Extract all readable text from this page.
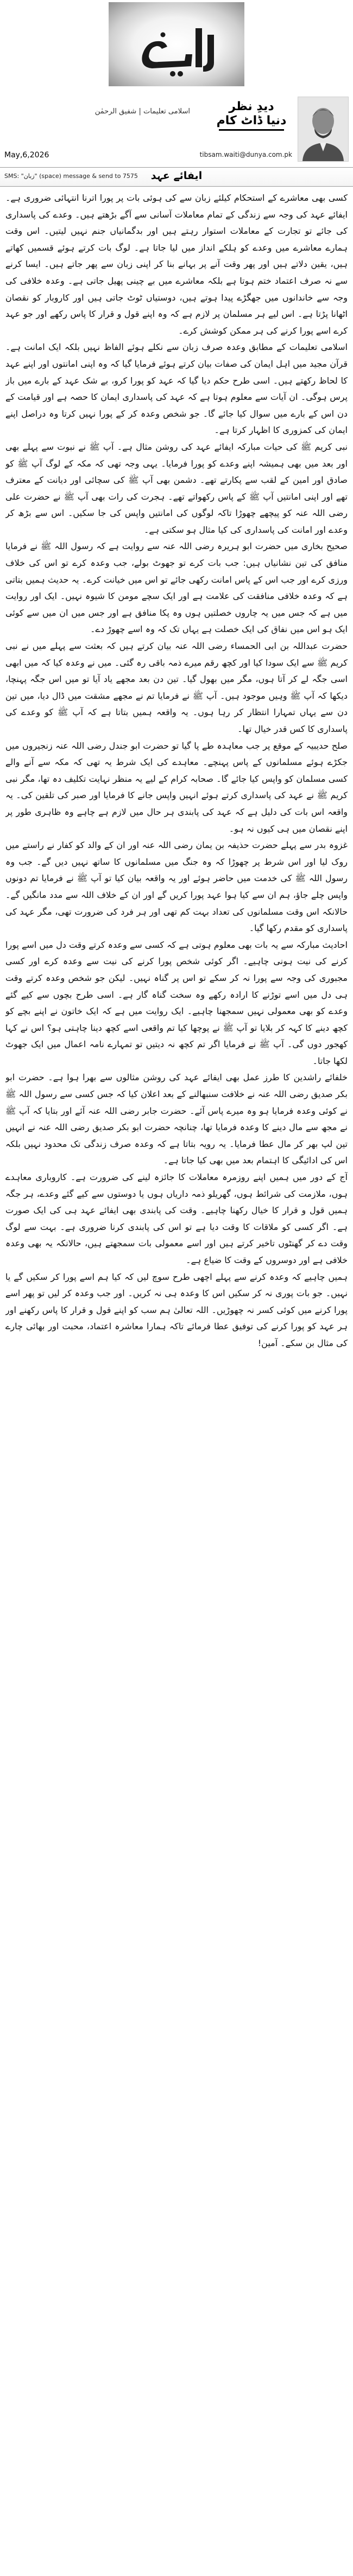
دیدِ نظر
دنیا ڈاٹ کام
اسلامی تعلیمات | شفیق الرحمٰن
tibsam.waiti@dunya.com.pk
May,6,2026
ایفائے عہد
SMS: "زبان" (space) message & send to 7575

کسی بھی معاشرے کے استحکام کیلئے زبان سے کی ہوئی بات پر پورا اترنا انتہائی ضروری ہے۔ ایفائے عہد کی وجہ سے زندگی کے تمام معاملات آسانی سے آگے بڑھتے ہیں۔ وعدے کی پاسداری کی جائے تو تجارت کے معاملات استوار رہتے ہیں اور بدگمانیاں جنم نہیں لیتیں۔ اس وقت ہمارے معاشرے میں وعدے کو ہلکے انداز میں لیا جاتا ہے۔ لوگ بات کرتے ہوئے قسمیں کھاتے ہیں، یقین دلاتے ہیں اور پھر وقت آنے پر بہانے بنا کر اپنی زبان سے پھر جاتے ہیں۔ ایسا کرنے سے نہ صرف اعتماد ختم ہوتا ہے بلکہ معاشرے میں بے چینی پھیل جاتی ہے۔ وعدہ خلافی کی وجہ سے خاندانوں میں جھگڑے پیدا ہوتے ہیں، دوستیاں ٹوٹ جاتی ہیں اور کاروبار کو نقصان اٹھانا پڑتا ہے۔ اس لیے ہر مسلمان پر لازم ہے کہ وہ اپنے قول و قرار کا پاس رکھے اور جو عہد کرے اسے پورا کرنے کی ہر ممکن کوشش کرے۔

اسلامی تعلیمات کے مطابق وعدہ صرف زبان سے نکلے ہوئے الفاظ نہیں بلکہ ایک امانت ہے۔ قرآن مجید میں اہل ایمان کی صفات بیان کرتے ہوئے فرمایا گیا کہ وہ اپنی امانتوں اور اپنے عہد کا لحاظ رکھتے ہیں۔ اسی طرح حکم دیا گیا کہ عہد کو پورا کرو، بے شک عہد کے بارے میں باز پرس ہوگی۔ ان آیات سے معلوم ہوتا ہے کہ عہد کی پاسداری ایمان کا حصہ ہے اور قیامت کے دن اس کے بارے میں سوال کیا جائے گا۔ جو شخص وعدہ کر کے پورا نہیں کرتا وہ دراصل اپنے ایمان کی کمزوری کا اظہار کرتا ہے۔

نبی کریم ﷺ کی حیات مبارکہ ایفائے عہد کی روشن مثال ہے۔ آپ ﷺ نے نبوت سے پہلے بھی اور بعد میں بھی ہمیشہ اپنے وعدے کو پورا فرمایا۔ یہی وجہ تھی کہ مکہ کے لوگ آپ ﷺ کو صادق اور امین کے لقب سے پکارتے تھے۔ دشمن بھی آپ ﷺ کی سچائی اور دیانت کے معترف تھے اور اپنی امانتیں آپ ﷺ کے پاس رکھواتے تھے۔ ہجرت کی رات بھی آپ ﷺ نے حضرت علی رضی اللہ عنہ کو پیچھے چھوڑا تاکہ لوگوں کی امانتیں واپس کی جا سکیں۔ اس سے بڑھ کر وعدے اور امانت کی پاسداری کی کیا مثال ہو سکتی ہے۔

صحیح بخاری میں حضرت ابو ہریرہ رضی اللہ عنہ سے روایت ہے کہ رسول اللہ ﷺ نے فرمایا منافق کی تین نشانیاں ہیں: جب بات کرے تو جھوٹ بولے، جب وعدہ کرے تو اس کی خلاف ورزی کرے اور جب اس کے پاس امانت رکھی جائے تو اس میں خیانت کرے۔ یہ حدیث ہمیں بتاتی ہے کہ وعدہ خلافی منافقت کی علامت ہے اور ایک سچے مومن کا شیوہ نہیں۔ ایک اور روایت میں ہے کہ جس میں یہ چاروں خصلتیں ہوں وہ پکا منافق ہے اور جس میں ان میں سے کوئی ایک ہو اس میں نفاق کی ایک خصلت ہے یہاں تک کہ وہ اسے چھوڑ دے۔

حضرت عبداللہ بن ابی الحمساء رضی اللہ عنہ بیان کرتے ہیں کہ بعثت سے پہلے میں نے نبی کریم ﷺ سے ایک سودا کیا اور کچھ رقم میرے ذمہ باقی رہ گئی۔ میں نے وعدہ کیا کہ میں ابھی اسی جگہ لے کر آتا ہوں، مگر میں بھول گیا۔ تین دن بعد مجھے یاد آیا تو میں اس جگہ پہنچا، دیکھا کہ آپ ﷺ وہیں موجود ہیں۔ آپ ﷺ نے فرمایا تم نے مجھے مشقت میں ڈال دیا، میں تین دن سے یہاں تمہارا انتظار کر رہا ہوں۔ یہ واقعہ ہمیں بتاتا ہے کہ آپ ﷺ کو وعدے کی پاسداری کا کس قدر خیال تھا۔

صلح حدیبیہ کے موقع پر جب معاہدہ طے پا گیا تو حضرت ابو جندل رضی اللہ عنہ زنجیروں میں جکڑے ہوئے مسلمانوں کے پاس پہنچے۔ معاہدے کی ایک شرط یہ تھی کہ مکہ سے آنے والے کسی مسلمان کو واپس کیا جائے گا۔ صحابہ کرام کے لیے یہ منظر نہایت تکلیف دہ تھا، مگر نبی کریم ﷺ نے عہد کی پاسداری کرتے ہوئے انہیں واپس جانے کا فرمایا اور صبر کی تلقین کی۔ یہ واقعہ اس بات کی دلیل ہے کہ عہد کی پابندی ہر حال میں لازم ہے چاہے وہ ظاہری طور پر اپنے نقصان میں ہی کیوں نہ ہو۔

غزوہ بدر سے پہلے حضرت حذیفہ بن یمان رضی اللہ عنہ اور ان کے والد کو کفار نے راستے میں روک لیا اور اس شرط پر چھوڑا کہ وہ جنگ میں مسلمانوں کا ساتھ نہیں دیں گے۔ جب وہ رسول اللہ ﷺ کی خدمت میں حاضر ہوئے اور یہ واقعہ بیان کیا تو آپ ﷺ نے فرمایا تم دونوں واپس چلے جاؤ، ہم ان سے کیا ہوا عہد پورا کریں گے اور ان کے خلاف اللہ سے مدد مانگیں گے۔ حالانکہ اس وقت مسلمانوں کی تعداد بہت کم تھی اور ہر فرد کی ضرورت تھی، مگر عہد کی پاسداری کو مقدم رکھا گیا۔

احادیث مبارکہ سے یہ بات بھی معلوم ہوتی ہے کہ کسی سے وعدہ کرتے وقت دل میں اسے پورا کرنے کی نیت ہونی چاہیے۔ اگر کوئی شخص پورا کرنے کی نیت سے وعدہ کرے اور کسی مجبوری کی وجہ سے پورا نہ کر سکے تو اس پر گناہ نہیں۔ لیکن جو شخص وعدہ کرتے وقت ہی دل میں اسے توڑنے کا ارادہ رکھے وہ سخت گناہ گار ہے۔ اسی طرح بچوں سے کیے گئے وعدے کو بھی معمولی نہیں سمجھنا چاہیے۔ ایک روایت میں ہے کہ ایک خاتون نے اپنے بچے کو کچھ دینے کا کہہ کر بلایا تو آپ ﷺ نے پوچھا کیا تم واقعی اسے کچھ دینا چاہتی ہو؟ اس نے کہا کھجور دوں گی۔ آپ ﷺ نے فرمایا اگر تم کچھ نہ دیتیں تو تمہارے نامہ اعمال میں ایک جھوٹ لکھا جاتا۔

خلفائے راشدین کا طرز عمل بھی ایفائے عہد کی روشن مثالوں سے بھرا ہوا ہے۔ حضرت ابو بکر صدیق رضی اللہ عنہ نے خلافت سنبھالنے کے بعد اعلان کیا کہ جس کسی سے رسول اللہ ﷺ نے کوئی وعدہ فرمایا ہو وہ میرے پاس آئے۔ حضرت جابر رضی اللہ عنہ آئے اور بتایا کہ آپ ﷺ نے مجھ سے مال دینے کا وعدہ فرمایا تھا، چنانچہ حضرت ابو بکر صدیق رضی اللہ عنہ نے انہیں تین لپ بھر کر مال عطا فرمایا۔ یہ رویہ بتاتا ہے کہ وعدہ صرف زندگی تک محدود نہیں بلکہ اس کی ادائیگی کا اہتمام بعد میں بھی کیا جاتا ہے۔

آج کے دور میں ہمیں اپنے روزمرہ معاملات کا جائزہ لینے کی ضرورت ہے۔ کاروباری معاہدے ہوں، ملازمت کی شرائط ہوں، گھریلو ذمہ داریاں ہوں یا دوستوں سے کیے گئے وعدے، ہر جگہ ہمیں قول و قرار کا خیال رکھنا چاہیے۔ وقت کی پابندی بھی ایفائے عہد ہی کی ایک صورت ہے۔ اگر کسی کو ملاقات کا وقت دیا ہے تو اس کی پابندی کرنا ضروری ہے۔ بہت سے لوگ وقت دے کر گھنٹوں تاخیر کرتے ہیں اور اسے معمولی بات سمجھتے ہیں، حالانکہ یہ بھی وعدہ خلافی ہے اور دوسروں کے وقت کا ضیاع ہے۔

ہمیں چاہیے کہ وعدہ کرنے سے پہلے اچھی طرح سوچ لیں کہ کیا ہم اسے پورا کر سکیں گے یا نہیں۔ جو بات پوری نہ کر سکیں اس کا وعدہ ہی نہ کریں۔ اور جب وعدہ کر لیں تو پھر اسے پورا کرنے میں کوئی کسر نہ چھوڑیں۔ اللہ تعالیٰ ہم سب کو اپنے قول و قرار کا پاس رکھنے اور ہر عہد کو پورا کرنے کی توفیق عطا فرمائے تاکہ ہمارا معاشرہ اعتماد، محبت اور بھائی چارے کی مثال بن سکے۔ آمین!
